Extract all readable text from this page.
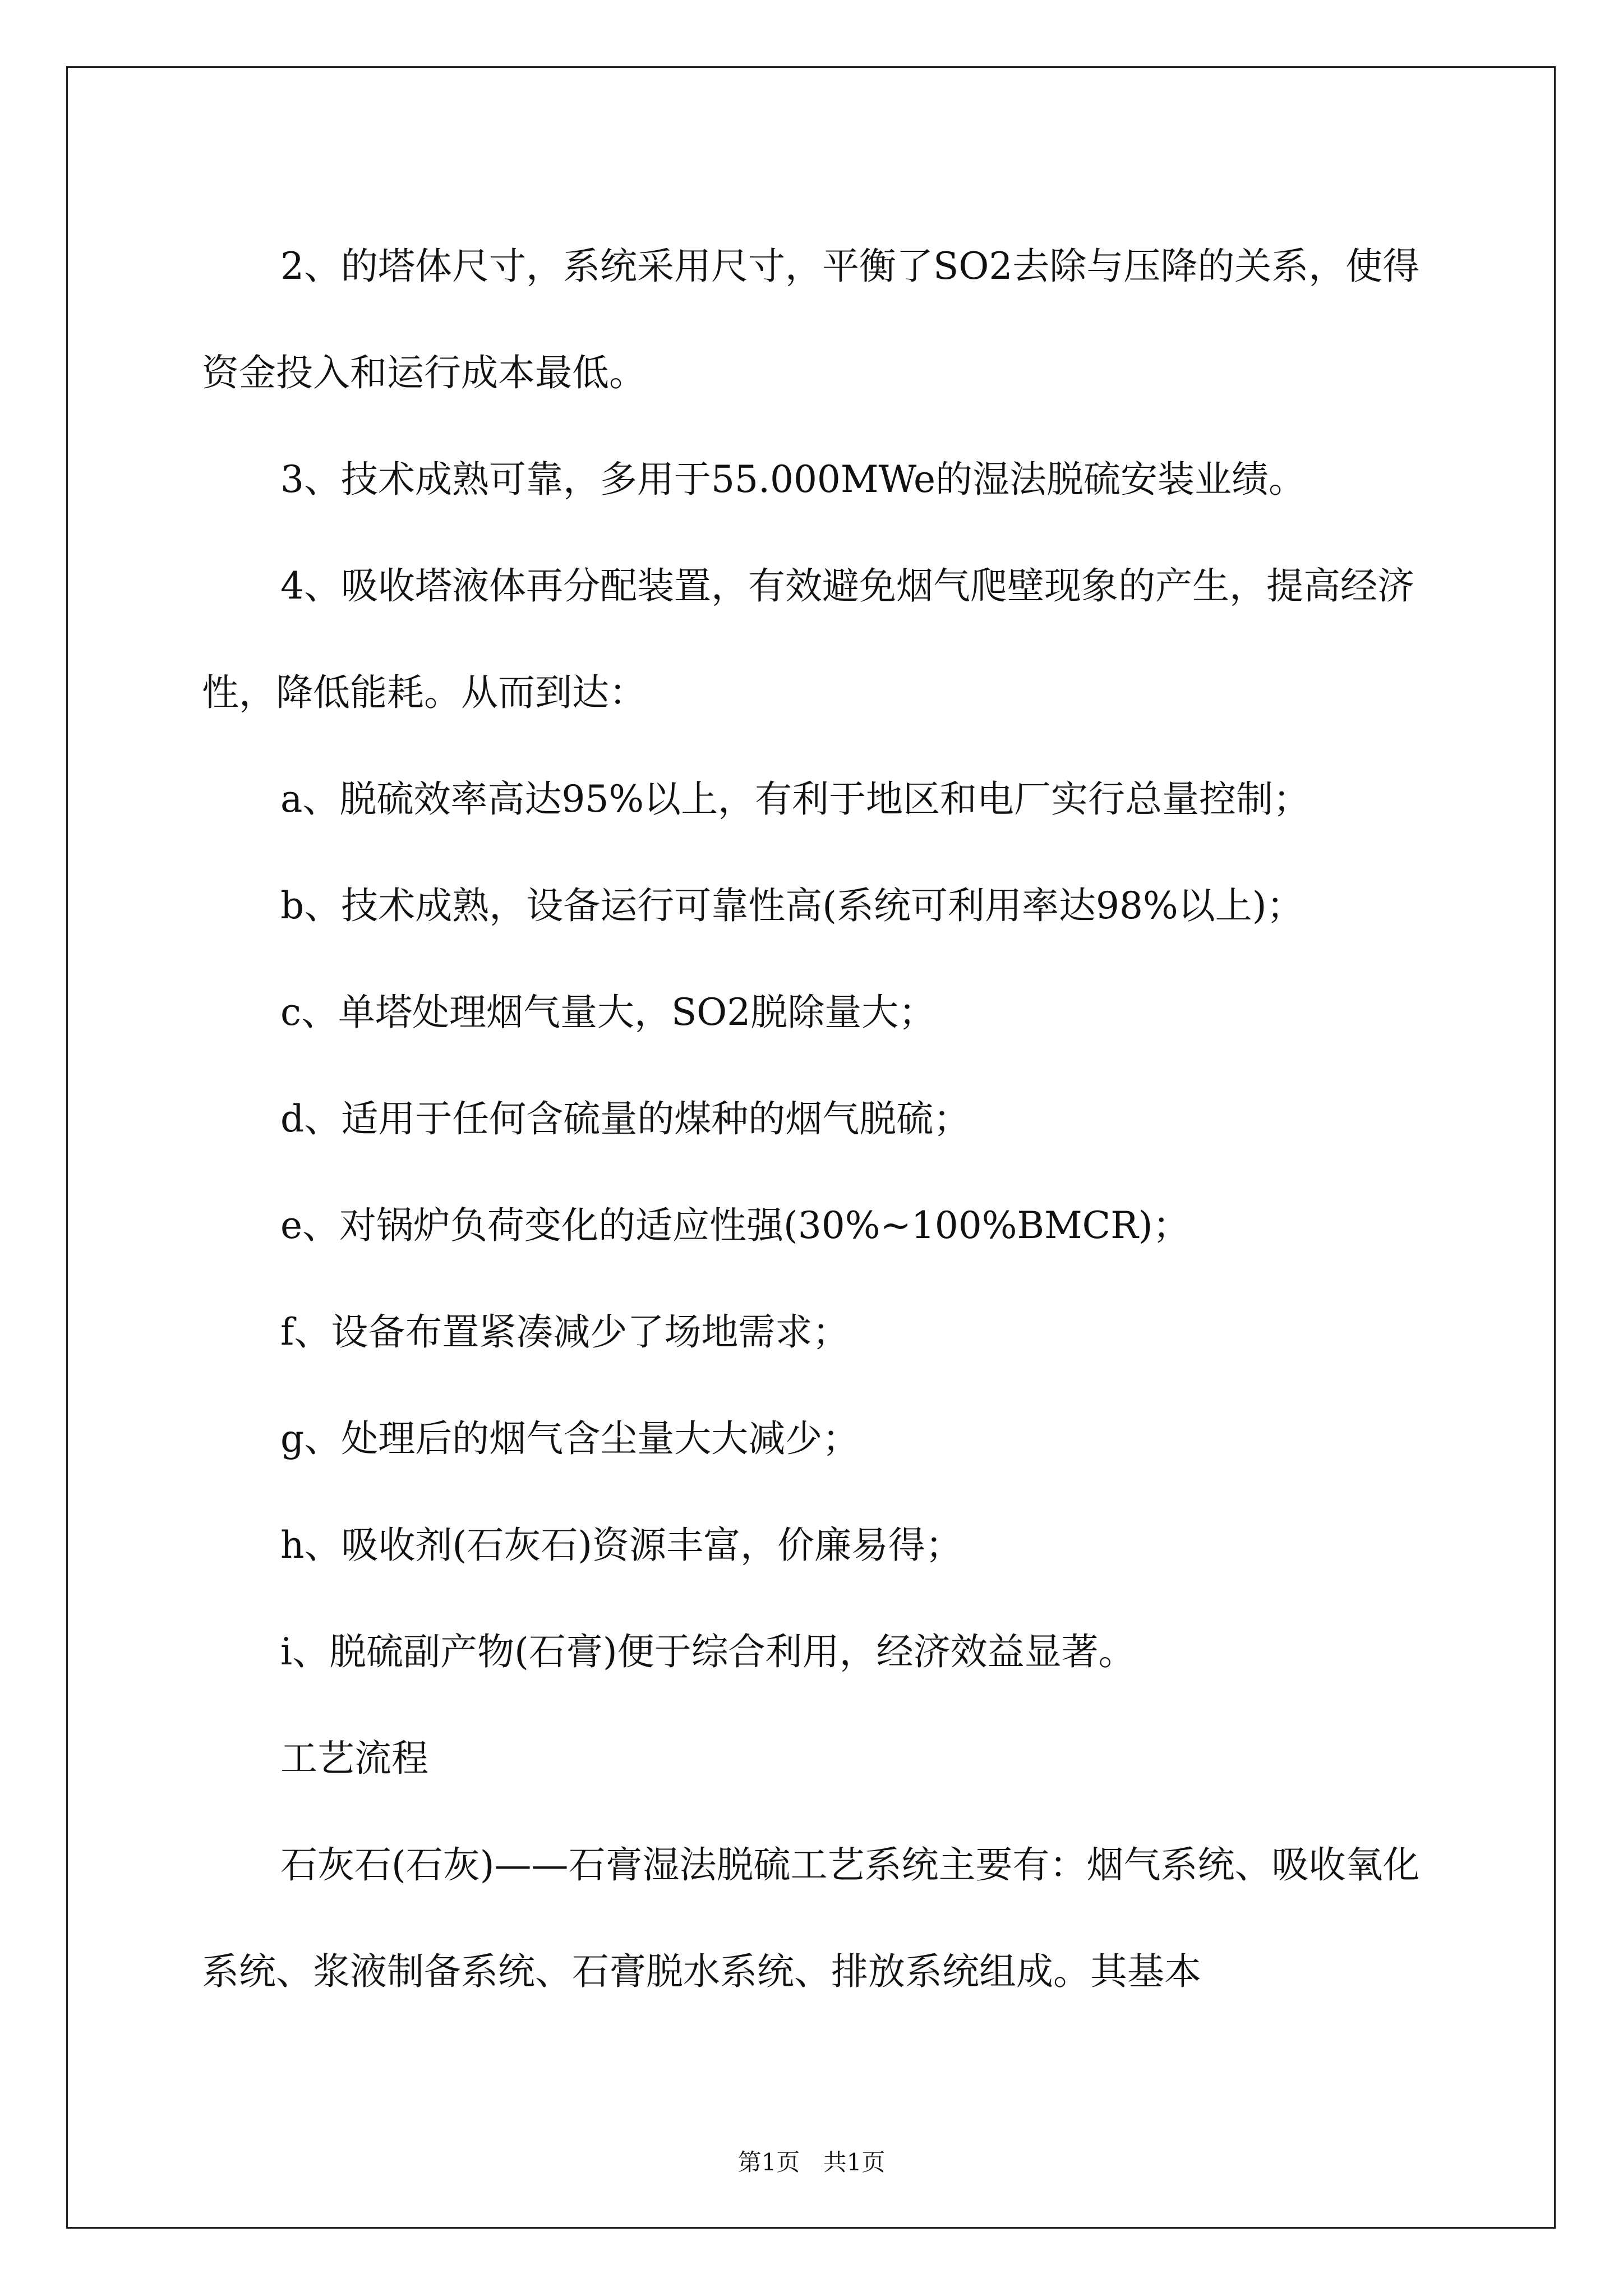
2、的塔体尺寸，系统采用尺寸，平衡了SO2去除与压降的关系，使得资金投入和运行成本最低。

3、技术成熟可靠，多用于55.000MWe的湿法脱硫安装业绩。

4、吸收塔液体再分配装置，有效避免烟气爬壁现象的产生，提高经济性，降低能耗。从而到达：

a、脱硫效率高达95%以上，有利于地区和电厂实行总量控制；

b、技术成熟，设备运行可靠性高(系统可利用率达98%以上)；

c、单塔处理烟气量大，SO2脱除量大；

d、适用于任何含硫量的煤种的烟气脱硫；

e、对锅炉负荷变化的适应性强(30%~100%BMCR)；

f、设备布置紧凑减少了场地需求；

g、处理后的烟气含尘量大大减少；

h、吸收剂(石灰石)资源丰富，价廉易得；

i、脱硫副产物(石膏)便于综合利用，经济效益显著。

工艺流程

石灰石(石灰)——石膏湿法脱硫工艺系统主要有：烟气系统、吸收氧化系统、浆液制备系统、石膏脱水系统、排放系统组成。其基本

第1页 共1页
